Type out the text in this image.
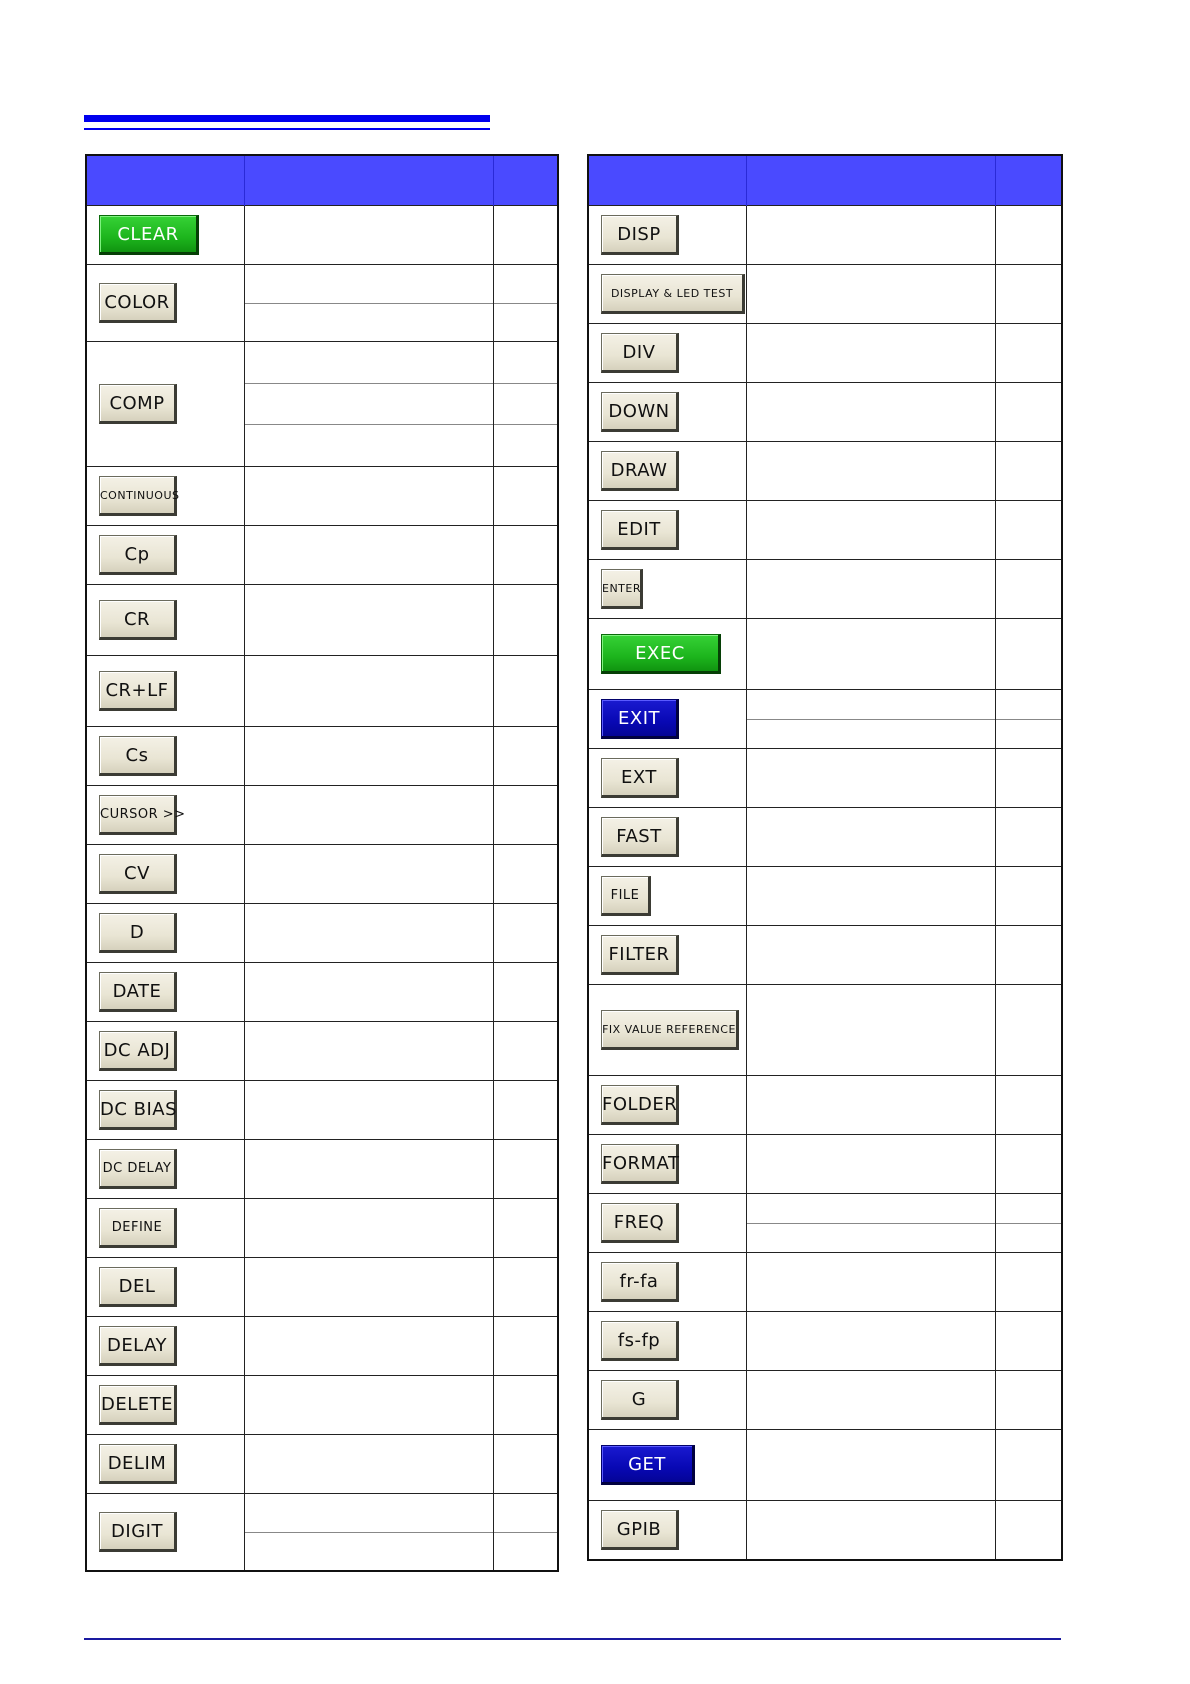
CLEAR		
COLOR	

COMP	

CONTINUOUS		
Cp		
CR		
CR+LF		
Cs		
CURSOR >>		
CV		
D		
DATE		
DC ADJ		
DC BIAS		
DC DELAY		
DEFINE		
DEL		
DELAY		
DELETE		
DELIM		
DIGIT	

DISP		
DISPLAY & LED TEST		
DIV		
DOWN		
DRAW		
EDIT		
ENTER		
EXEC		
EXIT	

EXT		
FAST		
FILE		
FILTER		
FIX VALUE REFERENCE		
FOLDER		
FORMAT		
FREQ	

fr-fa		
fs-fp		
G		
GET		
GPIB		
